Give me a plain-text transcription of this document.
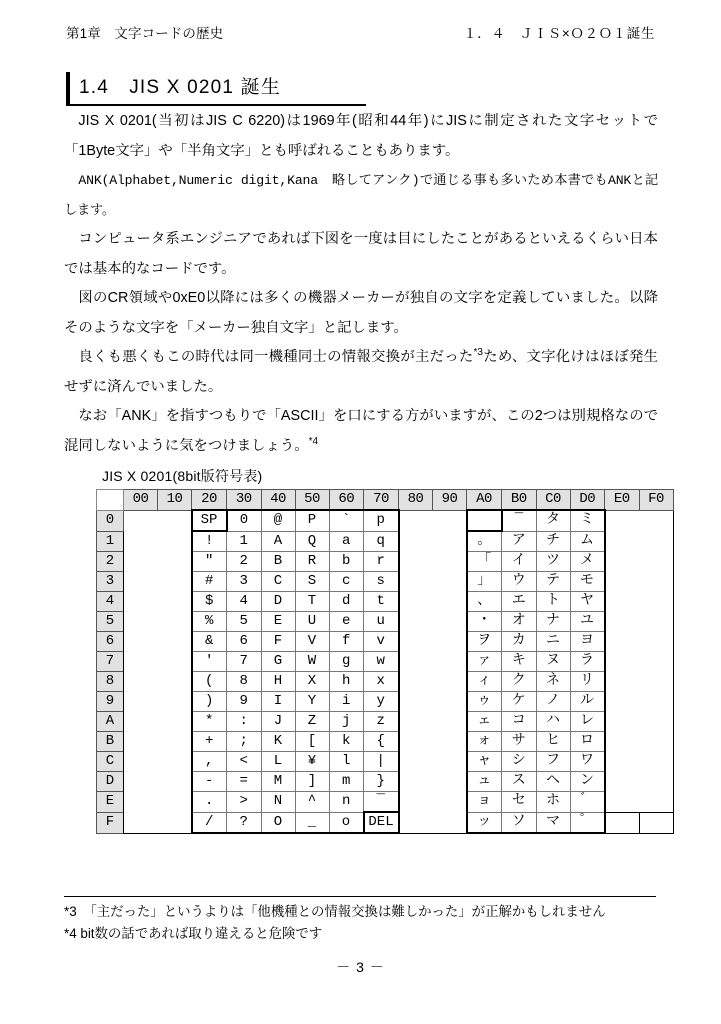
第1章　文字コードの歴史	１．４　ＪＩＳ×Ｏ２Ｏ１誕生
1.4　JIS X 0201 誕生

JIS X 0201(当初はJIS C 6220)は1969年(昭和44年)にJISに制定された文字セットで「1Byte文字」や「半角文字」とも呼ばれることもあります。

ANK(Alphabet,Numeric digit,Kana　略してアンク)で通じる事も多いため本書でもANKと記します。

コンピュータ系エンジニアであれば下図を一度は目にしたことがあるといえるくらい日本では基本的なコードです。

図のCR領域や0xE0以降には多くの機器メーカーが独自の文字を定義していました。以降そのような文字を「メーカー独自文字」と記します。

良くも悪くもこの時代は同一機種同士の情報交換が主だった$^{*3}$ため、文字化けはほぼ発生せずに済んでいました。

なお「ANK」を指すつもりで「ASCII」を口にする方がいますが、この2つは別規格なので混同しないように気をつけましょう。$^{*4}$

JIS X 0201(8bit版符号表)
	00	10	20	30	40	50	60	70	80	90	A0	B0	C0	D0	E0	F0
0			SP	0	@	P	`	p				‾	タ	ミ		
1			!	1	A	Q	a	q			。	ア	チ	ム		
2			"	2	B	R	b	r			「	イ	ツ	メ		
3			#	3	C	S	c	s			」	ウ	テ	モ		
4			$	4	D	T	d	t			、	エ	ト	ヤ		
5			%	5	E	U	e	u			・	オ	ナ	ユ		
6			&	6	F	V	f	v			ヲ	カ	ニ	ヨ		
7			'	7	G	W	g	w			ァ	キ	ヌ	ラ		
8			(	8	H	X	h	x			ィ	ク	ネ	リ		
9			)	9	I	Y	i	y			ゥ	ケ	ノ	ル		
A			*	:	J	Z	j	z			ェ	コ	ハ	レ		
B			+	;	K	[	k	{			ォ	サ	ヒ	ロ		
C			,	<	L	¥	l	|			ャ	シ	フ	ワ		
D			-	=	M	]	m	}			ュ	ス	ヘ	ン		
E			.	>	N	^	n	‾			ョ	セ	ホ	゛		
F			/	?	O	_	o	DEL			ッ	ソ	マ	゜		
*3　「主だった」というよりは「他機種との情報交換は難しかった」が正解かもしれません
*4 bit数の話であれば取り違えると危険です
－ 3 －
